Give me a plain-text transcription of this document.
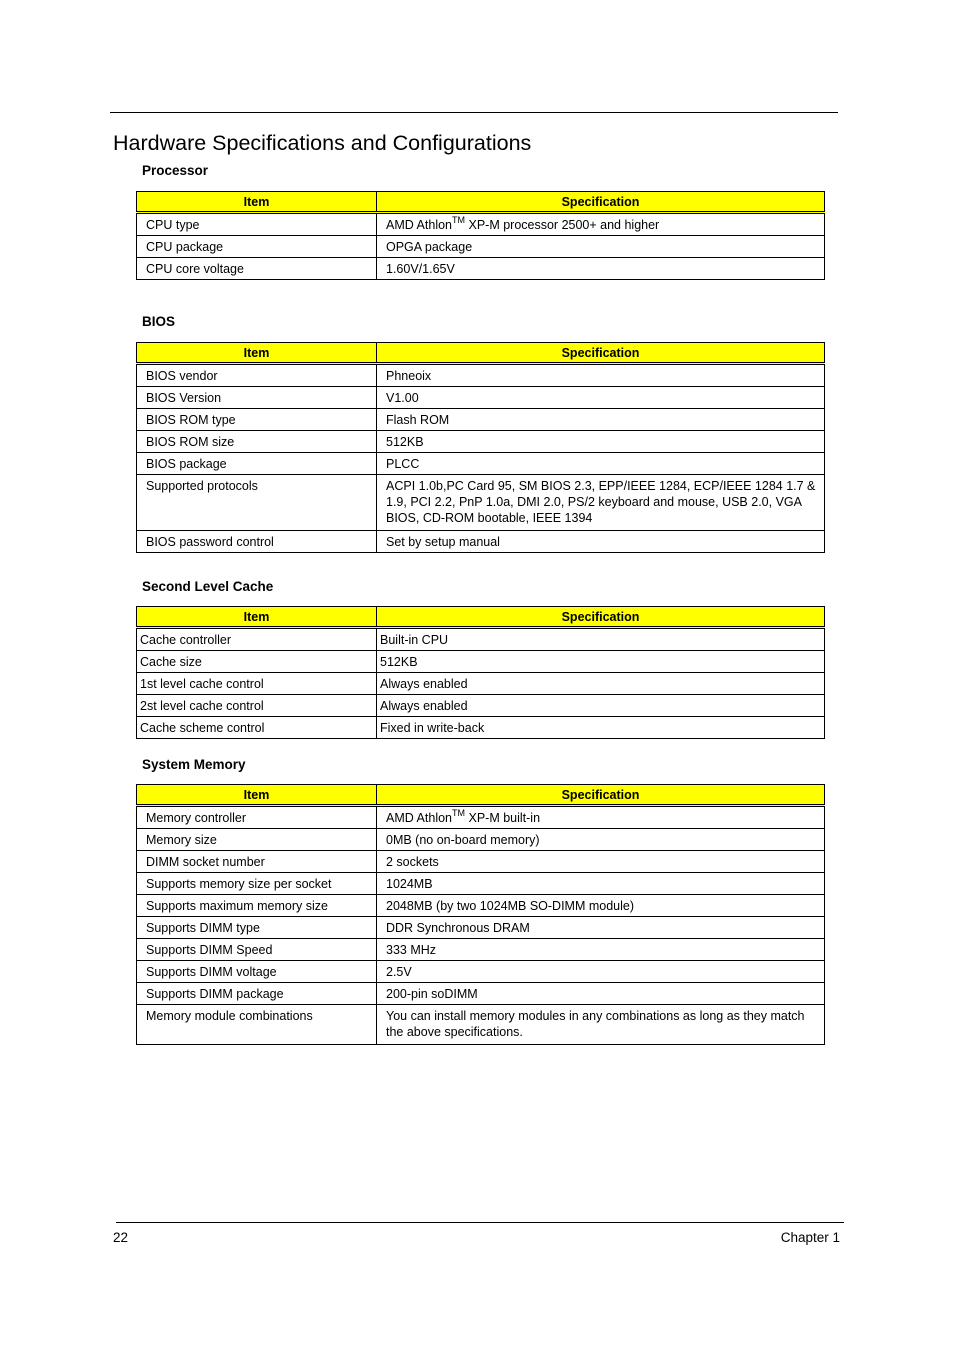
Hardware Specifications and Configurations
Processor
Item	Specification
CPU type	AMD Athlon™ XP-M processor 2500+ and higher
CPU package	OPGA package
CPU core voltage	1.60V/1.65V
BIOS
Item	Specification
BIOS vendor	Phneoix
BIOS Version	V1.00
BIOS ROM type	Flash ROM
BIOS ROM size	512KB
BIOS package	PLCC
Supported protocols	ACPI 1.0b,PC Card 95, SM BIOS 2.3, EPP/IEEE 1284, ECP/IEEE 1284 1.7 & 1.9, PCI 2.2, PnP 1.0a, DMI 2.0, PS/2 keyboard and mouse, USB 2.0, VGA BIOS, CD-ROM bootable, IEEE 1394
BIOS password control	Set by setup manual
Second Level Cache
Item	Specification
Cache controller	Built-in CPU
Cache size	512KB
1st level cache control	Always enabled
2st level cache control	Always enabled
Cache scheme control	Fixed in write-back
System Memory
Item	Specification
Memory controller	AMD Athlon™ XP-M built-in
Memory size	0MB (no on-board memory)
DIMM socket number	2 sockets
Supports memory size per socket	1024MB
Supports maximum memory size	2048MB (by two 1024MB SO-DIMM module)
Supports DIMM type	DDR Synchronous DRAM
Supports DIMM Speed	333 MHz
Supports DIMM voltage	2.5V
Supports DIMM package	200-pin soDIMM
Memory module combinations	You can install memory modules in any combinations as long as they match the above specifications.
22	Chapter 1
